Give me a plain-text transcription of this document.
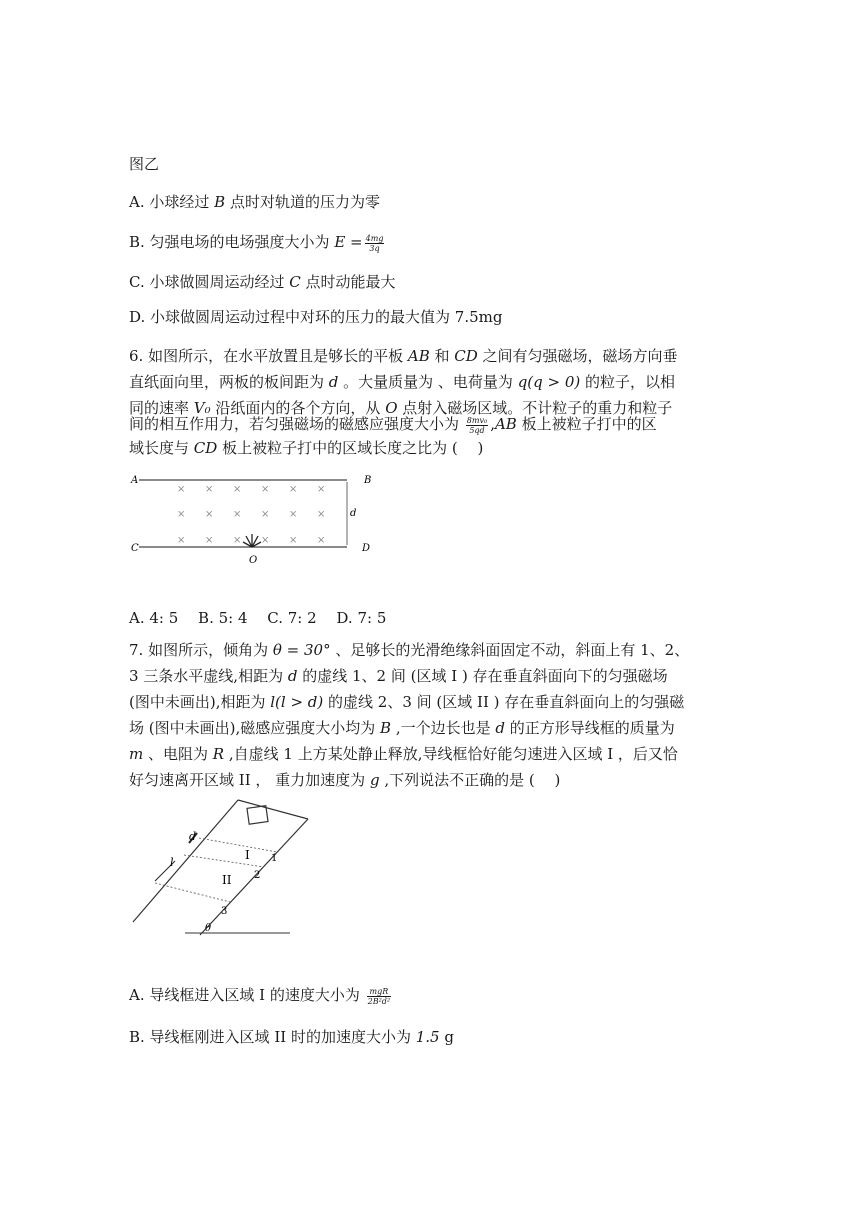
图乙
A. 小球经过 B 点时对轨道的压力为零
B. 匀强电场的电场强度大小为 $E = \frac{4mg}{3q}$
C. 小球做圆周运动经过 C 点时动能最大
D. 小球做圆周运动过程中对环的压力的最大值为 7.5mg
6. 如图所示，在水平放置且是够长的平板 AB 和 CD 之间有匀强磁场，磁场方向垂
直纸面向里，两板的板间距为 d 。大量质量为 、电荷量为 q(q > 0) 的粒子，以相
同的速率 V₀ 沿纸面内的各个方向，从 O 点射入磁场区域。不计粒子的重力和粒子
间的相互作用力，若匀强磁场的磁感应强度大小为 $\frac{\text{8mv₀}}{5qd} ,AB$ 板上被粒子打中的区
域长度与 CD 板上被粒子打中的区域长度之比为 (　 )
A	B
C	D
d
O
× × × × × ×
× × × × × ×
× × × × × ×
A. 4: 5　 B. 5: 4　 C. 7: 2　 D. 7: 5
7. 如图所示，倾角为 θ = 30° 、足够长的光滑绝缘斜面固定不动，斜面上有 1、2、
3 三条水平虚线,相距为 d 的虚线 1、2 间 (区域 I ) 存在垂直斜面向下的匀强磁场
(图中未画出),相距为 l(l > d) 的虚线 2、3 间 (区域 II ) 存在垂直斜面向上的匀强磁
场 (图中未画出),磁感应强度大小均为 B ,一个边长也是 d 的正方形导线框的质量为
m 、电阻为 R ,自虚线 1 上方某处静止释放,导线框恰好能匀速进入区域 I ，后又恰
好匀速离开区域 II ， 重力加速度为 g ,下列说法不正确的是 (　 )
d
l	1
2
3
I
II
θ
A. 导线框进入区域 I 的速度大小为 $\frac{\text{mgR}}{\text{2B²d²}}$
B. 导线框刚进入区域 II 时的加速度大小为 1.5 g
